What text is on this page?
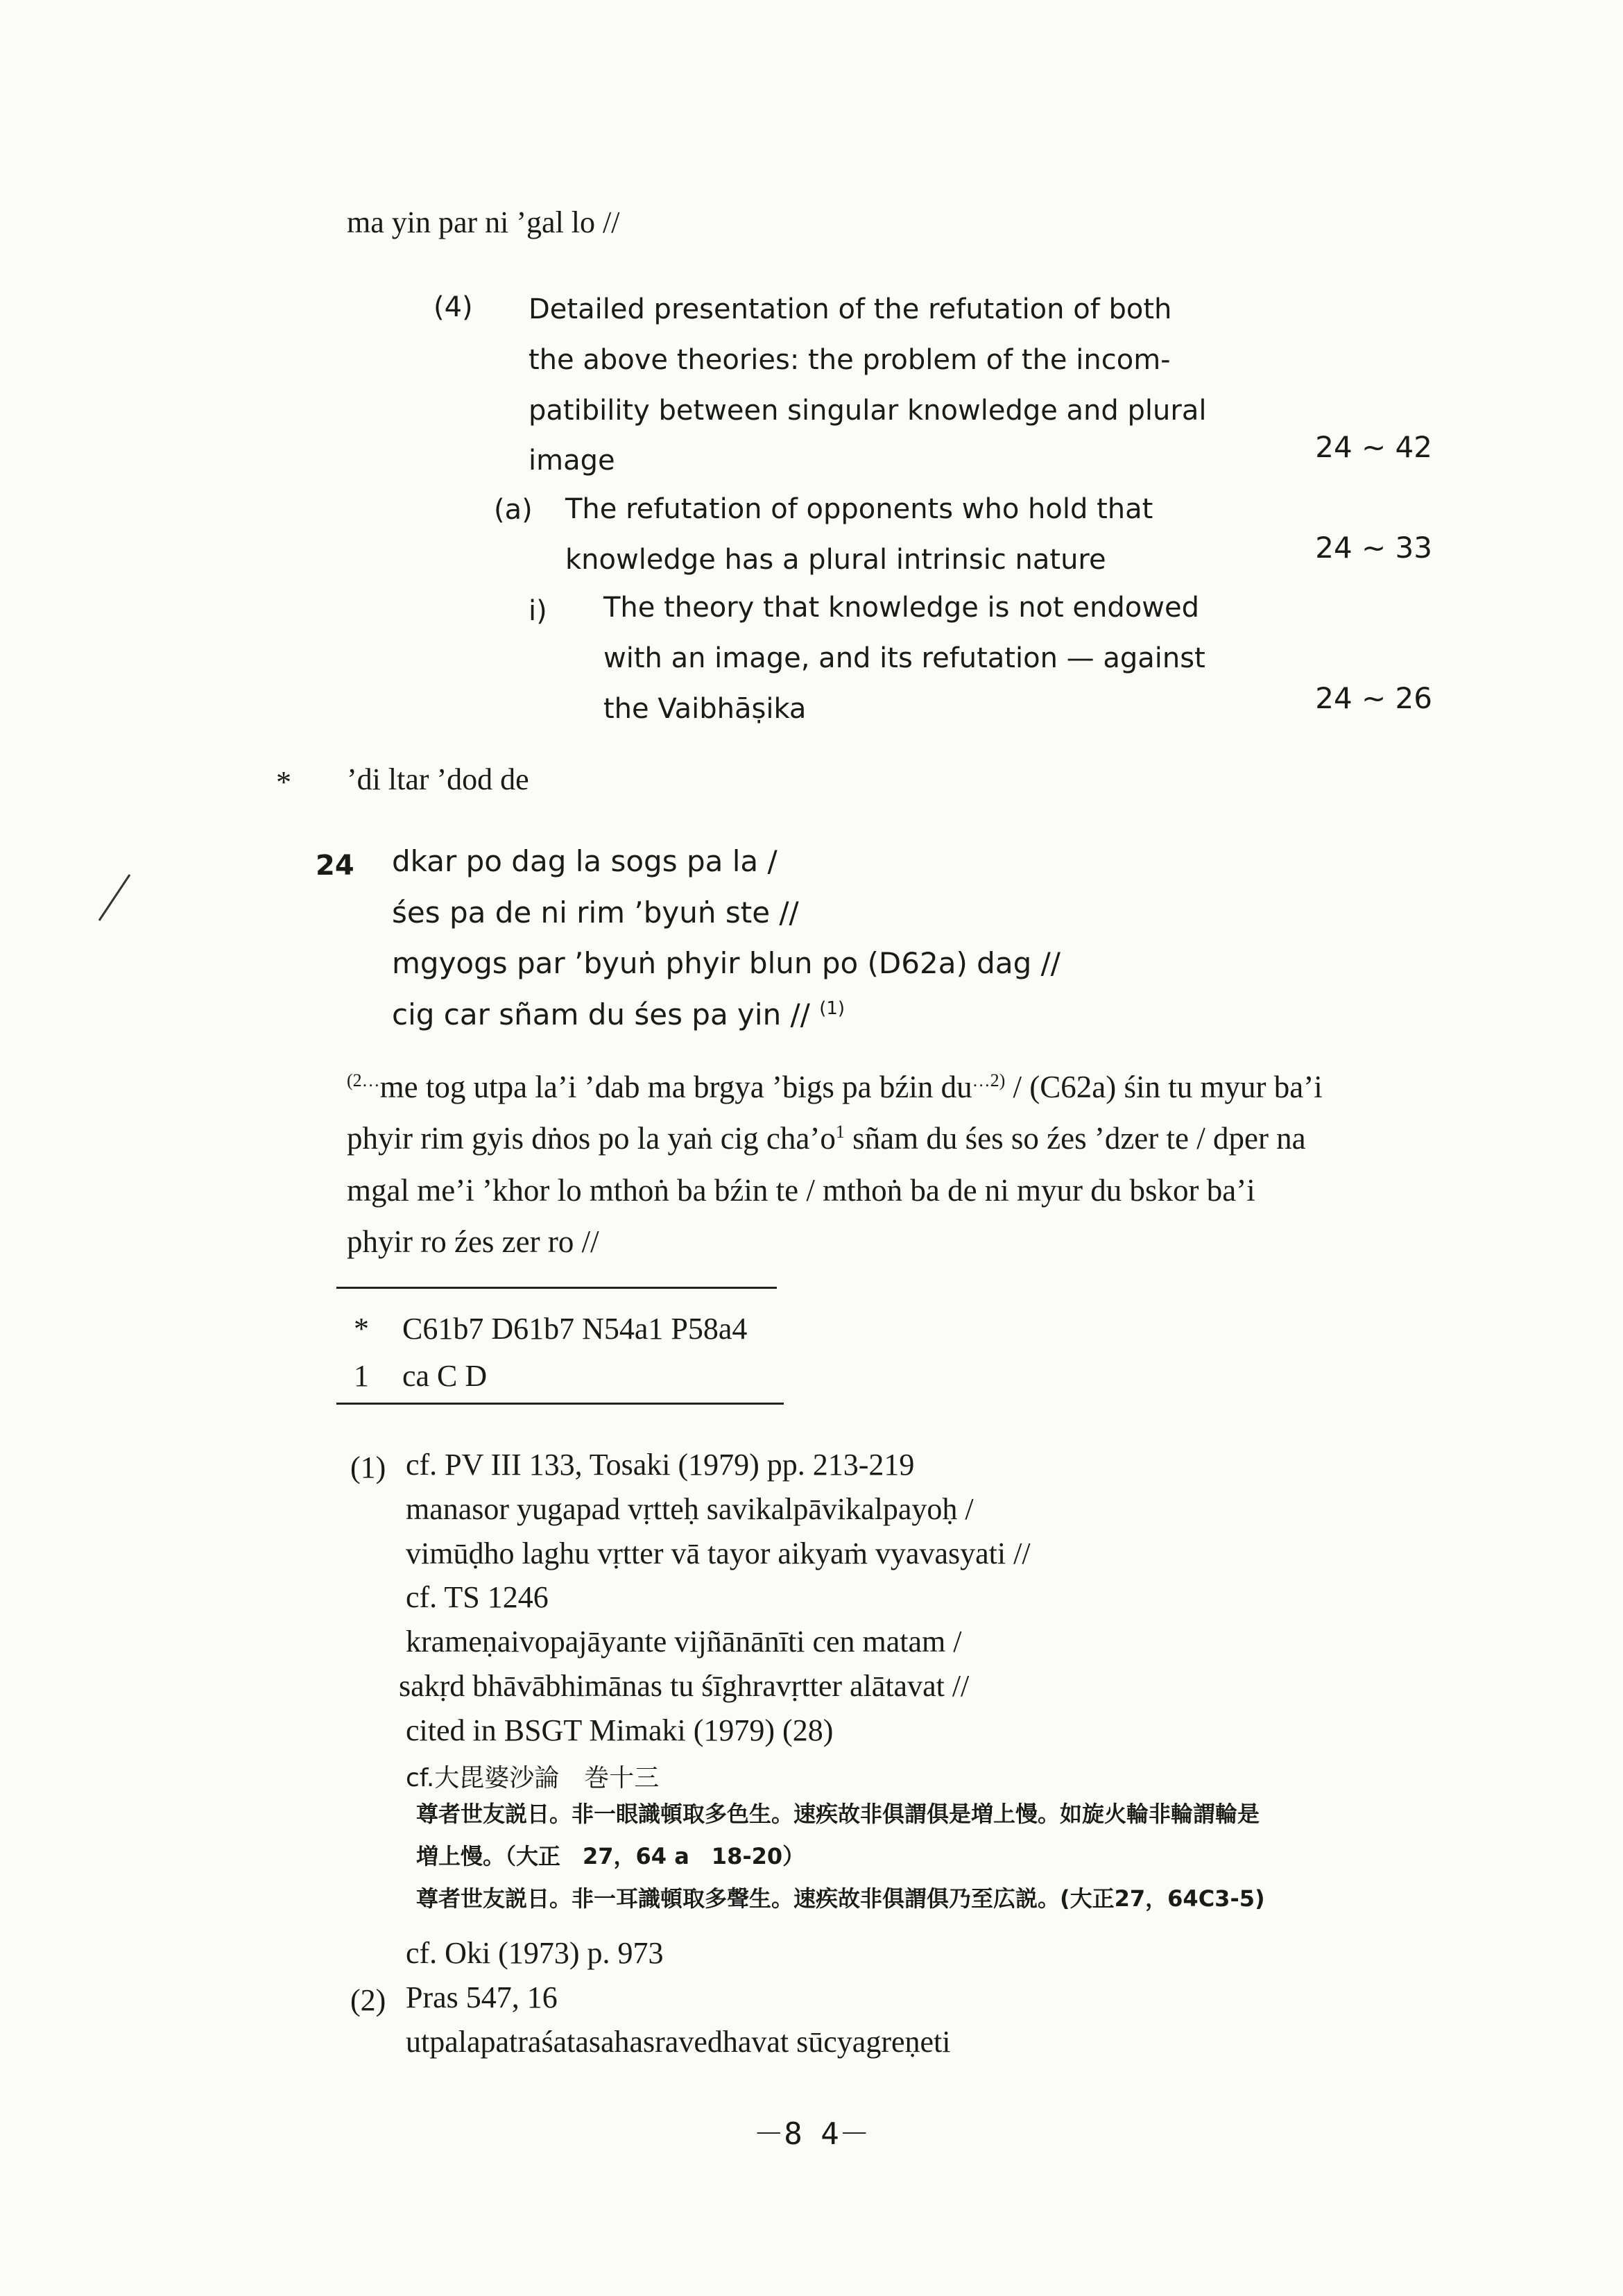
ma yin par ni ’gal lo //
(4) Detailed presentation of the refutation of both
the above theories: the problem of the incom-
patibility between singular knowledge and plural
image	24 ~ 42
(a) The refutation of opponents who hold that
knowledge has a plural intrinsic nature	24 ~ 33
i) The theory that knowledge is not endowed
with an image, and its refutation — against
the Vaibhāṣika	24 ~ 26
* ’di ltar ’dod de
24 dkar po dag la sogs pa la /
śes pa de ni rim ’byuṅ ste //
mgyogs par ’byuṅ phyir blun po (D62a) dag //
cig car sñam du śes pa yin // $^{(1)}$
$^{(2\dots}$me tog utpa la’i ’dab ma brgya ’bigs pa bźin $du^{\dots 2)} / (C62a)$ śin tu myur ba’i
phyir rim gyis dṅos po la yaṅ cig $cha’o^1$ sñam du śes so źes ’dzer te / dper na
mgal me’i ’khor lo mthoṅ ba bźin te / mthoṅ ba de ni myur du bskor ba’i
phyir ro źes zer ro //
* C61b7 D61b7 N54a1 P58a4
1 ca C D
(1) cf. PV III 133, Tosaki (1979) pp. 213-219
manasor yugapad vṛtteḥ savikalpāvikalpayoḥ /
vimūḍho laghu vṛtter vā tayor aikyaṁ vyavasyati //
cf. TS 1246
krameṇaivopajāyante vijñānānīti cen matam /
sakṛd bhāvābhimānas tu śīghravṛtter alātavat //
cited in BSGT Mimaki (1979) (28)
cf.大毘婆沙論　巻十三
尊者世友説日。非一眼識頓取多色生。速疾故非俱謂俱是増上慢。如旋火輪非輪謂輪是
増上慢。（大正　27，64 a　18-20）
尊者世友説日。非一耳識頓取多聲生。速疾故非俱謂俱乃至広説。(大正27，64C3-5)
cf. Oki (1973) p. 973
(2) Pras 547, 16
utpalapatraśatasahasravedhavat sūcyagreṇeti
－8 4－
